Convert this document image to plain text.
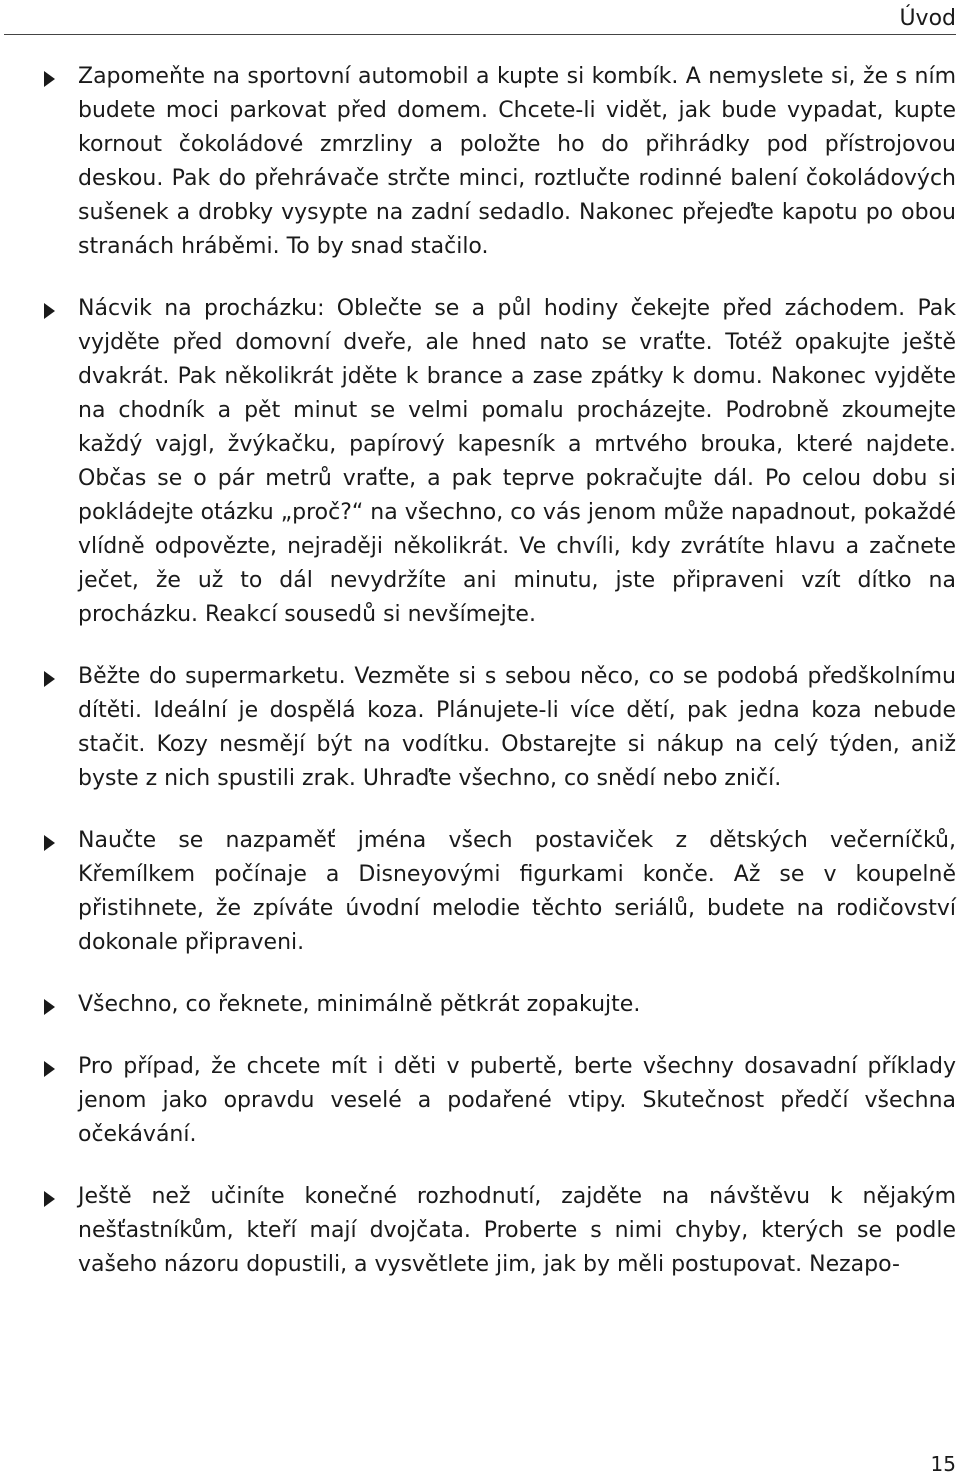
Úvod
Zapomeňte na sportovní automobil a kupte si kombík. A nemyslete si, že s ním budete moci parkovat před domem. Chcete-li vidět, jak bude vypadat, kupte kornout čokoládové zmrzliny a položte ho do přihrádky pod přístrojovou deskou. Pak do přehrávače strčte minci, roztlučte rodinné balení čokoládových sušenek a drobky vysypte na zadní sedadlo. Nakonec přejeďte kapotu po obou stranách hráběmi. To by snad stačilo.
Nácvik na procházku: Oblečte se a půl hodiny čekejte před záchodem. Pak vyjděte před domovní dveře, ale hned nato se vraťte. Totéž opakujte ještě dvakrát. Pak několikrát jděte k brance a zase zpátky k domu. Nakonec vyjděte na chodník a pět minut se velmi pomalu procházejte. Podrobně zkoumejte každý vajgl, žvýkačku, papírový kapesník a mrtvého brouka, které najdete. Občas se o pár metrů vraťte, a pak teprve pokračujte dál. Po celou dobu si pokládejte otázku „proč?“ na všechno, co vás jenom může napadnout, pokaždé vlídně odpovězte, nejraději několikrát. Ve chvíli, kdy zvrátíte hlavu a začnete ječet, že už to dál nevydržíte ani minutu, jste připraveni vzít dítko na procházku. Reakcí sousedů si nevšímejte.
Běžte do supermarketu. Vezměte si s sebou něco, co se podobá předškolnímu dítěti. Ideální je dospělá koza. Plánujete-li více dětí, pak jedna koza nebude stačit. Kozy nesmějí být na vodítku. Obstarejte si nákup na celý týden, aniž byste z nich spustili zrak. Uhraďte všechno, co snědí nebo zničí.
Naučte se nazpaměť jména všech postaviček z dětských večerníčků, Křemílkem počínaje a Disneyovými figurkami konče. Až se v koupelně přistihnete, že zpíváte úvodní melodie těchto seriálů, budete na rodičovství dokonale připraveni.
Všechno, co řeknete, minimálně pětkrát zopakujte.
Pro případ, že chcete mít i děti v pubertě, berte všechny dosavadní příklady jenom jako opravdu veselé a podařené vtipy. Skutečnost předčí všechna očekávání.
Ještě než učiníte konečné rozhodnutí, zajděte na návštěvu k nějakým nešťastníkům, kteří mají dvojčata. Proberte s nimi chyby, kterých se podle vašeho názoru dopustili, a vysvětlete jim, jak by měli postupovat. Nezapo-
15
